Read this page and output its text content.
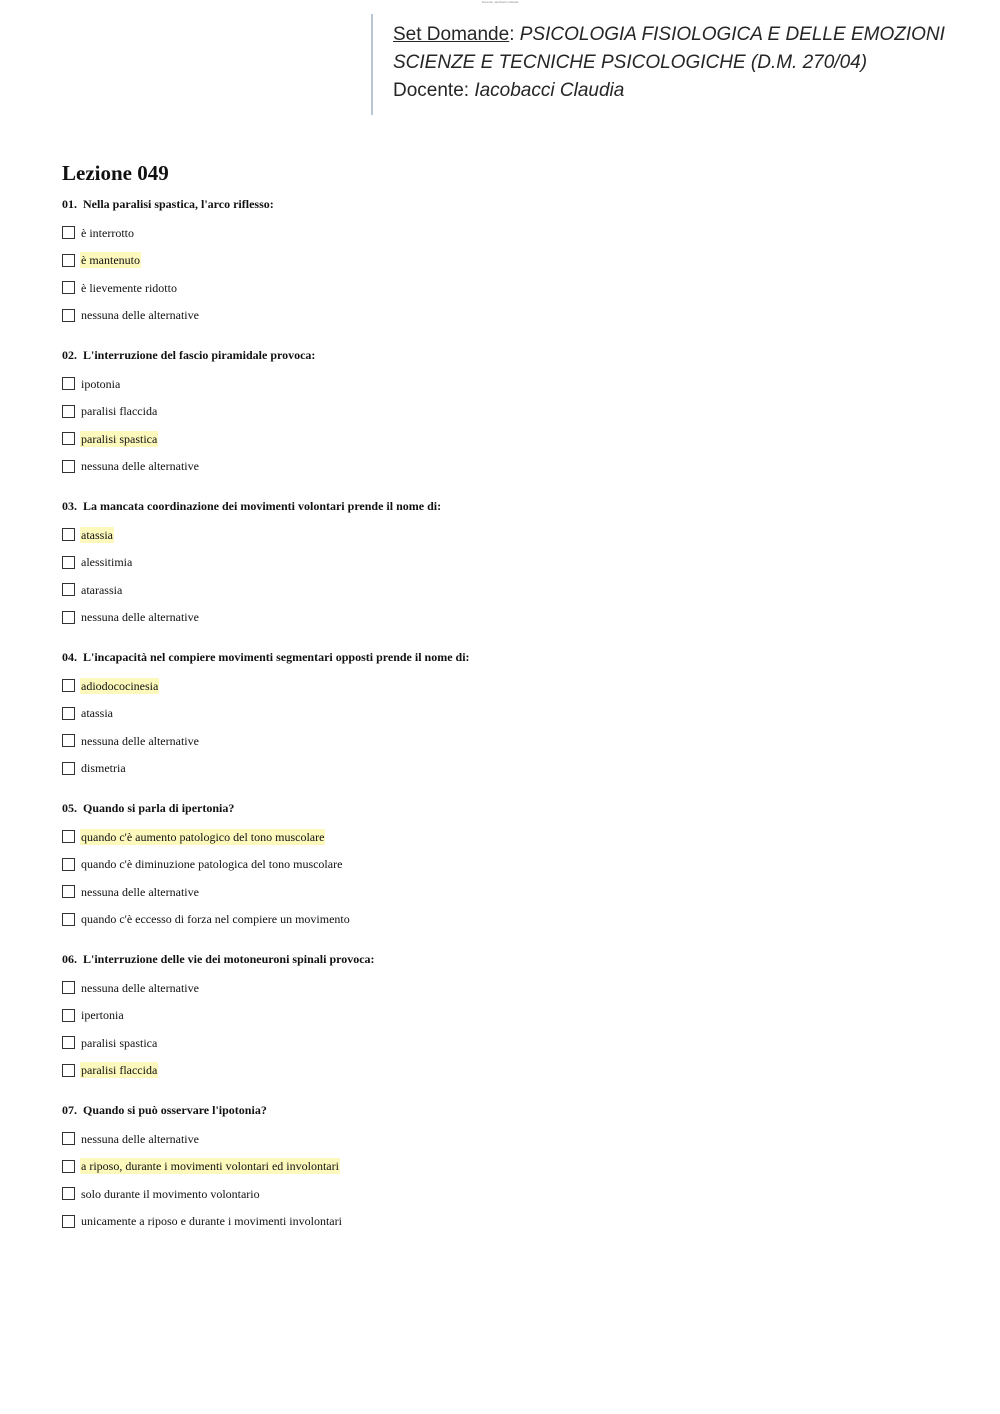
Docente: Iacobacci Claudia
Set Domande: PSICOLOGIA FISIOLOGICA E DELLE EMOZIONI
SCIENZE E TECNICHE PSICOLOGICHE (D.M. 270/04)
Docente: Iacobacci Claudia
Lezione 049
01. Nella paralisi spastica, l'arco riflesso:
è interrotto
è mantenuto
è lievemente ridotto
nessuna delle alternative
02. L'interruzione del fascio piramidale provoca:
ipotonia
paralisi flaccida
paralisi spastica
nessuna delle alternative
03. La mancata coordinazione dei movimenti volontari prende il nome di:
atassia
alessitimia
atarassia
nessuna delle alternative
04. L'incapacità nel compiere movimenti segmentari opposti prende il nome di:
adiodococinesia
atassia
nessuna delle alternative
dismetria
05. Quando si parla di ipertonia?
quando c'è aumento patologico del tono muscolare
quando c'è diminuzione patologica del tono muscolare
nessuna delle alternative
quando c'è eccesso di forza nel compiere un movimento
06. L'interruzione delle vie dei motoneuroni spinali provoca:
nessuna delle alternative
ipertonia
paralisi spastica
paralisi flaccida
07. Quando si può osservare l'ipotonia?
nessuna delle alternative
a riposo, durante i movimenti volontari ed involontari
solo durante il movimento volontario
unicamente a riposo e durante i movimenti involontari
